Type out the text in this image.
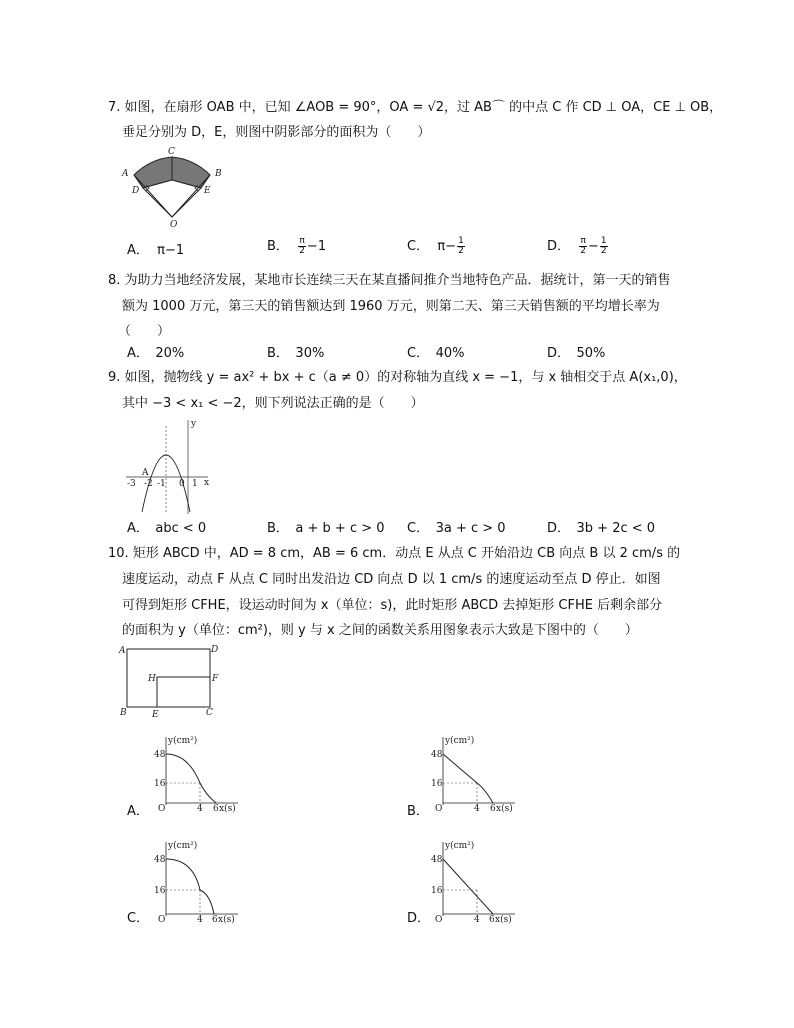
7. 如图，在扇形 OAB 中，已知 ∠AOB = 90°，OA = √2，过 AB⌒ 的中点 C 作 CD ⊥ OA，CE ⊥ OB，
垂足分别为 D，E，则图中阴影部分的面积为（　　）
A
C
B
D	E
O
A． π−1	B． $\frac{\pi}{2} -1$	C． $\pi- \frac{1}{2}$	D． $\frac{\pi}{2} - \frac{1}{2}$
8. 为助力当地经济发展，某地市长连续三天在某直播间推介当地特色产品．据统计，第一天的销售
额为 1000 万元，第三天的销售额达到 1960 万元，则第二天、第三天销售额的平均增长率为
（　　）
A．　20%	B．　30%	C．　40%	D．　50%
9. 如图，抛物线 y = ax² + bx + c（a ≠ 0）的对称轴为直线 x = −1，与 x 轴相交于点 A(x₁,0)，
其中 −3 < x₁ < −2，则下列说法正确的是（　　）
y
x
A
-3 -2 -1 0 1
A．　abc < 0	B．　a + b + c > 0 C．　3a + c > 0	D．　3b + 2c < 0
10. 矩形 ABCD 中，AD = 8 cm，AB = 6 cm．动点 E 从点 C 开始沿边 CB 向点 B 以 2 cm/s 的
速度运动，动点 F 从点 C 同时出发沿边 CD 向点 D 以 1 cm/s 的速度运动至点 D 停止．如图
可得到矩形 CFHE，设运动时间为 x（单位：s)，此时矩形 ABCD 去掉矩形 CFHE 后剩余部分
的面积为 y（单位：cm²)，则 y 与 x 之间的函数关系用图象表示大致是下图中的（　　）
A	D
H	F
B	E	C
y(cm²)
48
16
O	4 6 x(s)
A．
y(cm²)
48
16
O	4 6 x(s)
B．
y(cm²)
48
16
O	4 6 x(s)
C．
y(cm²)
48
16
O	4 6 x(s)
D．
